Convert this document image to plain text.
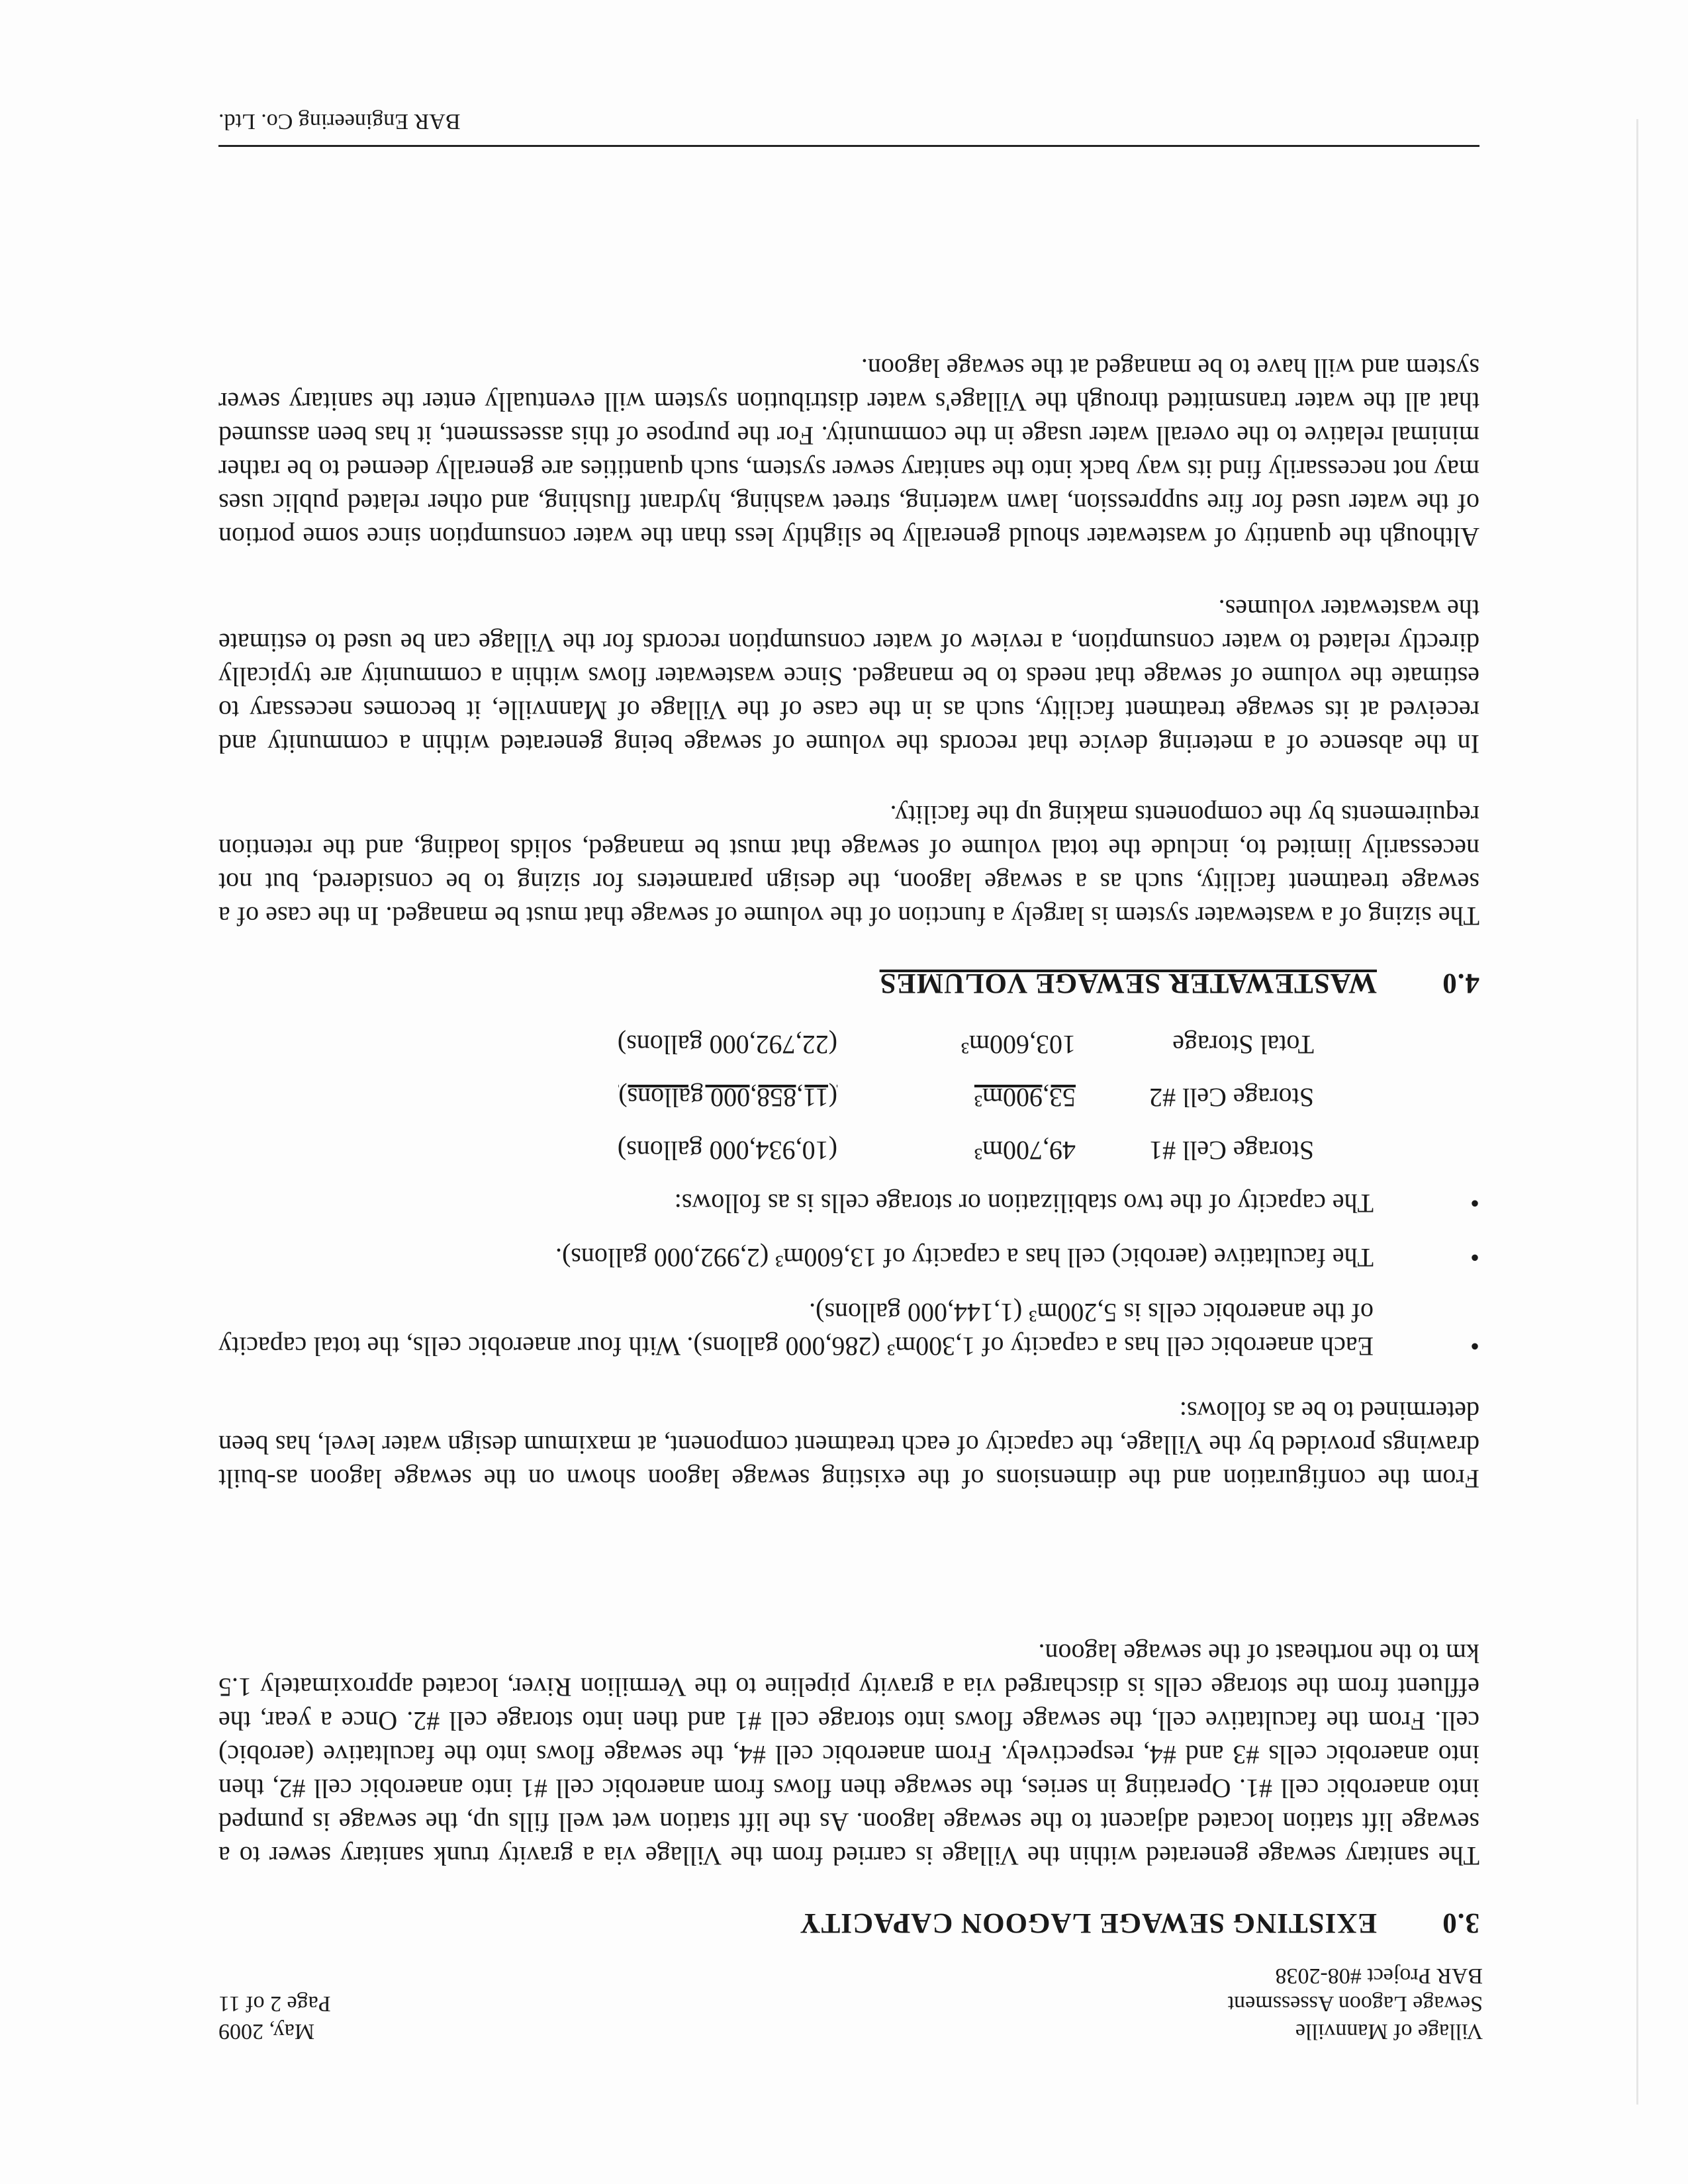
Village of Mannville
Sewage Lagoon Assessment
BAR Project #08-2038
May, 2009
Page 2 of 11
3.0EXISTING SEWAGE LAGOON CAPACITY
The sanitary sewage generated within the Village is carried from the Village via a gravity trunk sanitary sewer to a sewage lift station located adjacent to the sewage lagoon. As the lift station wet well fills up, the sewage is pumped into anaerobic cell #1. Operating in series, the sewage then flows from anaerobic cell #1 into anaerobic cell #2, then into anaerobic cells #3 and #4, respectively. From anaerobic cell #4, the sewage flows into the facultative (aerobic) cell. From the facultative cell, the sewage flows into storage cell #1 and then into storage cell #2. Once a year, the effluent from the storage cells is discharged via a gravity pipeline to the Vermilion River, located approximately 1.5 km to the northeast of the sewage lagoon.
From the configuration and the dimensions of the existing sewage lagoon shown on the sewage lagoon as-built drawings provided by the Village, the capacity of each treatment component, at maximum design water level, has been determined to be as follows:
•
Each anaerobic cell has a capacity of 1,300m³ (286,000 gallons). With four anaerobic cells, the total capacity of the anaerobic cells is 5,200m³ (1,144,000 gallons).
•
The facultative (aerobic) cell has a capacity of 13,600m³ (2,992,000 gallons).
•
The capacity of the two stabilization or storage cells is as follows:
Storage Cell #1
49,700m³
(10,934,000 gallons)
Storage Cell #2
53,900m³
(11,858,000 gallons)
Total Storage
103,600m³
(22,792,000 gallons)
4.0WASTEWATER SEWAGE VOLUMES
The sizing of a wastewater system is largely a function of the volume of sewage that must be managed. In the case of a sewage treatment facility, such as a sewage lagoon, the design parameters for sizing to be considered, but not necessarily limited to, include the total volume of sewage that must be managed, solids loading, and the retention requirements by the components making up the facility.
In the absence of a metering device that records the volume of sewage being generated within a community and received at its sewage treatment facility, such as in the case of the Village of Mannville, it becomes necessary to estimate the volume of sewage that needs to be managed. Since wastewater flows within a community are typically directly related to water consumption, a review of water consumption records for the Village can be used to estimate the wastewater volumes.
Although the quantity of wastewater should generally be slightly less than the water consumption since some portion of the water used for fire suppression, lawn watering, street washing, hydrant flushing, and other related public uses may not necessarily find its way back into the sanitary sewer system, such quantities are generally deemed to be rather minimal relative to the overall water usage in the community. For the purpose of this assessment, it has been assumed that all the water transmitted through the Village's water distribution system will eventually enter the sanitary sewer system and will have to be managed at the sewage lagoon.
BAR Engineering Co. Ltd.
